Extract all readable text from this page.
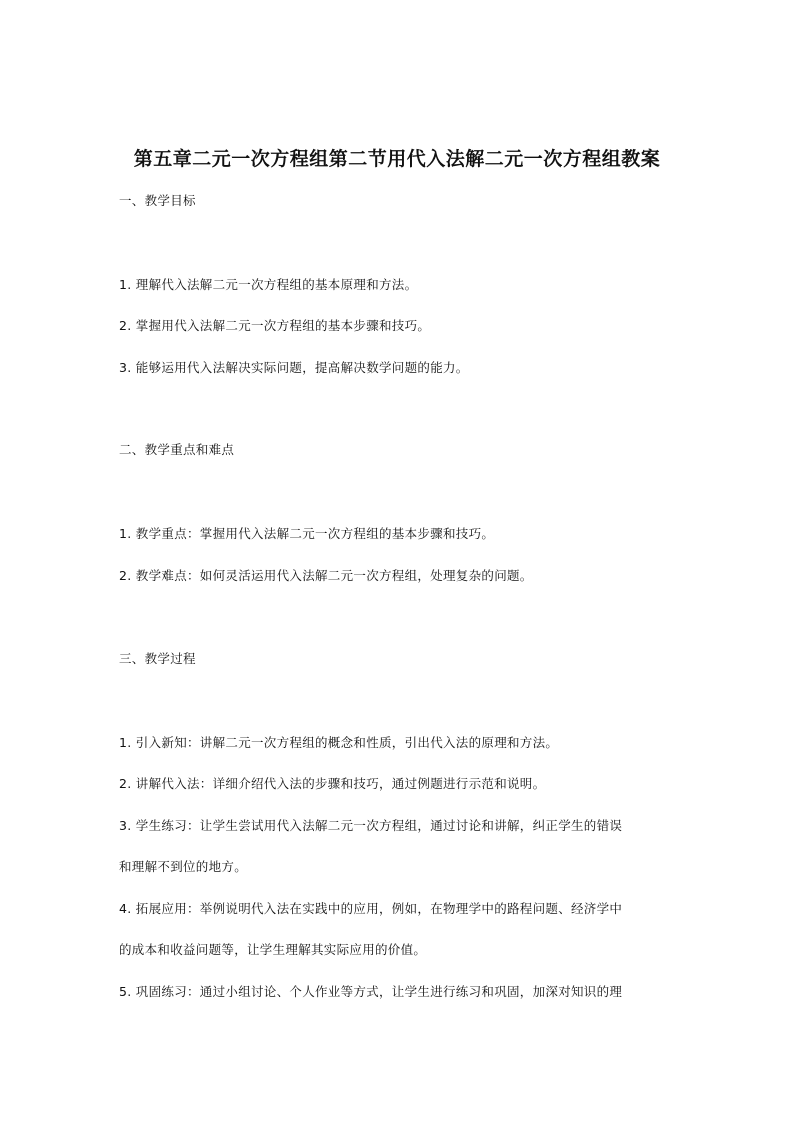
第五章二元一次方程组第二节用代入法解二元一次方程组教案
一、教学目标
1. 理解代入法解二元一次方程组的基本原理和方法。
2. 掌握用代入法解二元一次方程组的基本步骤和技巧。
3. 能够运用代入法解决实际问题，提高解决数学问题的能力。
二、教学重点和难点
1. 教学重点：掌握用代入法解二元一次方程组的基本步骤和技巧。
2. 教学难点：如何灵活运用代入法解二元一次方程组，处理复杂的问题。
三、教学过程
1. 引入新知：讲解二元一次方程组的概念和性质，引出代入法的原理和方法。
2. 讲解代入法：详细介绍代入法的步骤和技巧，通过例题进行示范和说明。
3. 学生练习：让学生尝试用代入法解二元一次方程组，通过讨论和讲解，纠正学生的错误
和理解不到位的地方。
4. 拓展应用：举例说明代入法在实践中的应用，例如，在物理学中的路程问题、经济学中
的成本和收益问题等，让学生理解其实际应用的价值。
5. 巩固练习：通过小组讨论、个人作业等方式，让学生进行练习和巩固，加深对知识的理
